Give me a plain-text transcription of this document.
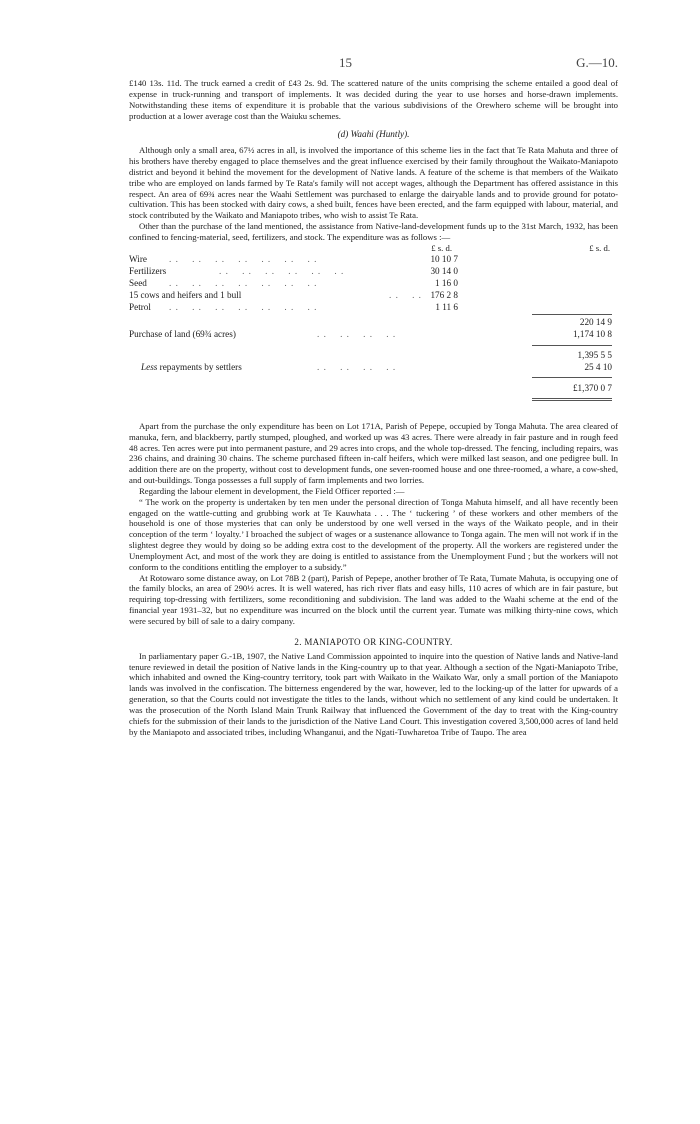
15	G.—10.

£140 13s. 11d. The truck earned a credit of £43 2s. 9d. The scattered nature of the units comprising the scheme entailed a good deal of expense in truck-running and transport of implements. It was decided during the year to use horses and horse-drawn implements. Notwithstanding these items of expenditure it is probable that the various subdivisions of the Orewhero scheme will be brought into production at a lower average cost than the Waiuku schemes.

(d) Waahi (Huntly).

Although only a small area, 67½ acres in all, is involved the importance of this scheme lies in the fact that Te Rata Mahuta and three of his brothers have thereby engaged to place themselves and the great influence exercised by their family throughout the Waikato-Maniapoto district and beyond it behind the movement for the development of Native lands. A feature of the scheme is that members of the Waikato tribe who are employed on lands farmed by Te Rata's family will not accept wages, although the Department has offered assistance in this respect. An area of 69¾ acres near the Waahi Settlement was purchased to enlarge the dairyable lands and to provide ground for potato-cultivation. This has been stocked with dairy cows, a shed built, fences have been erected, and the farm equipped with labour, material, and stock contributed by the Waikato and Maniapoto tribes, who wish to assist Te Rata.

Other than the purchase of the land mentioned, the assistance from Native-land-development funds up to the 31st March, 1932, has been confined to fencing-material, seed, fertilizers, and stock. The expenditure was as follows :—

£ s. d.	£ s. d.
Wire . .    . .    . .    . .    . .    . .    . .	10 10 7
Fertilizers	. .    . .    . .    . .    . .    . .	30 14 0
Seed . .    . .    . .    . .    . .    . .    . .	1 16 0
15 cows and heifers and 1 bull	. .    . . 176 2 8
Petrol . .    . .    . .    . .    . .    . .    . .	1 11 6
220 14 9
Purchase of land (69¾ acres)	. .    . .    . .    . .	1,174 10 8
1,395 5 5
Less repayments by settlers	. .    . .    . .    . .	25 4 10
£1,370 0 7

Apart from the purchase the only expenditure has been on Lot 171A, Parish of Pepepe, occupied by Tonga Mahuta. The area cleared of manuka, fern, and blackberry, partly stumped, ploughed, and worked up was 43 acres. There were already in fair pasture and in rough feed 48 acres. Ten acres were put into permanent pasture, and 29 acres into crops, and the whole top-dressed. The fencing, including repairs, was 236 chains, and draining 30 chains. The scheme purchased fifteen in-calf heifers, which were milked last season, and one pedigree bull. In addition there are on the property, without cost to development funds, one seven-roomed house and one three-roomed, a whare, a cow-shed, and out-buildings. Tonga possesses a full supply of farm implements and two lorries.

Regarding the labour element in development, the Field Officer reported :—

“ The work on the property is undertaken by ten men under the personal direction of Tonga Mahuta himself, and all have recently been engaged on the wattle-cutting and grubbing work at Te Kauwhata . . . The ‘ tuckering ’ of these workers and other members of the household is one of those mysteries that can only be understood by one well versed in the ways of the Waikato people, and in their conception of the term ‘ loyalty.’ I broached the subject of wages or a sustenance allowance to Tonga again. The men will not work if in the slightest degree they would by doing so be adding extra cost to the development of the property. All the workers are registered under the Unemployment Act, and most of the work they are doing is entitled to assistance from the Unemployment Fund ; but the workers will not conform to the conditions entitling the employer to a subsidy.”

At Rotowaro some distance away, on Lot 78B 2 (part), Parish of Pepepe, another brother of Te Rata, Tumate Mahuta, is occupying one of the family blocks, an area of 290½ acres. It is well watered, has rich river flats and easy hills, 110 acres of which are in fair pasture, but requiring top-dressing with fertilizers, some reconditioning and subdivision. The land was added to the Waahi scheme at the end of the financial year 1931–32, but no expenditure was incurred on the block until the current year. Tumate was milking thirty-nine cows, which were secured by bill of sale to a dairy company.

2. MANIAPOTO OR KING-COUNTRY.

In parliamentary paper G.-1B, 1907, the Native Land Commission appointed to inquire into the question of Native lands and Native-land tenure reviewed in detail the position of Native lands in the King-country up to that year. Although a section of the Ngati-Maniapoto Tribe, which inhabited and owned the King-country territory, took part with Waikato in the Waikato War, only a small portion of the Maniapoto lands was involved in the confiscation. The bitterness engendered by the war, however, led to the locking-up of the latter for upwards of a generation, so that the Courts could not investigate the titles to the lands, without which no settlement of any kind could be undertaken. It was the prosecution of the North Island Main Trunk Railway that influenced the Government of the day to treat with the King-country chiefs for the submission of their lands to the jurisdiction of the Native Land Court. This investigation covered 3,500,000 acres of land held by the Maniapoto and associated tribes, including Whanganui, and the Ngati-Tuwharetoa Tribe of Taupo. The area
